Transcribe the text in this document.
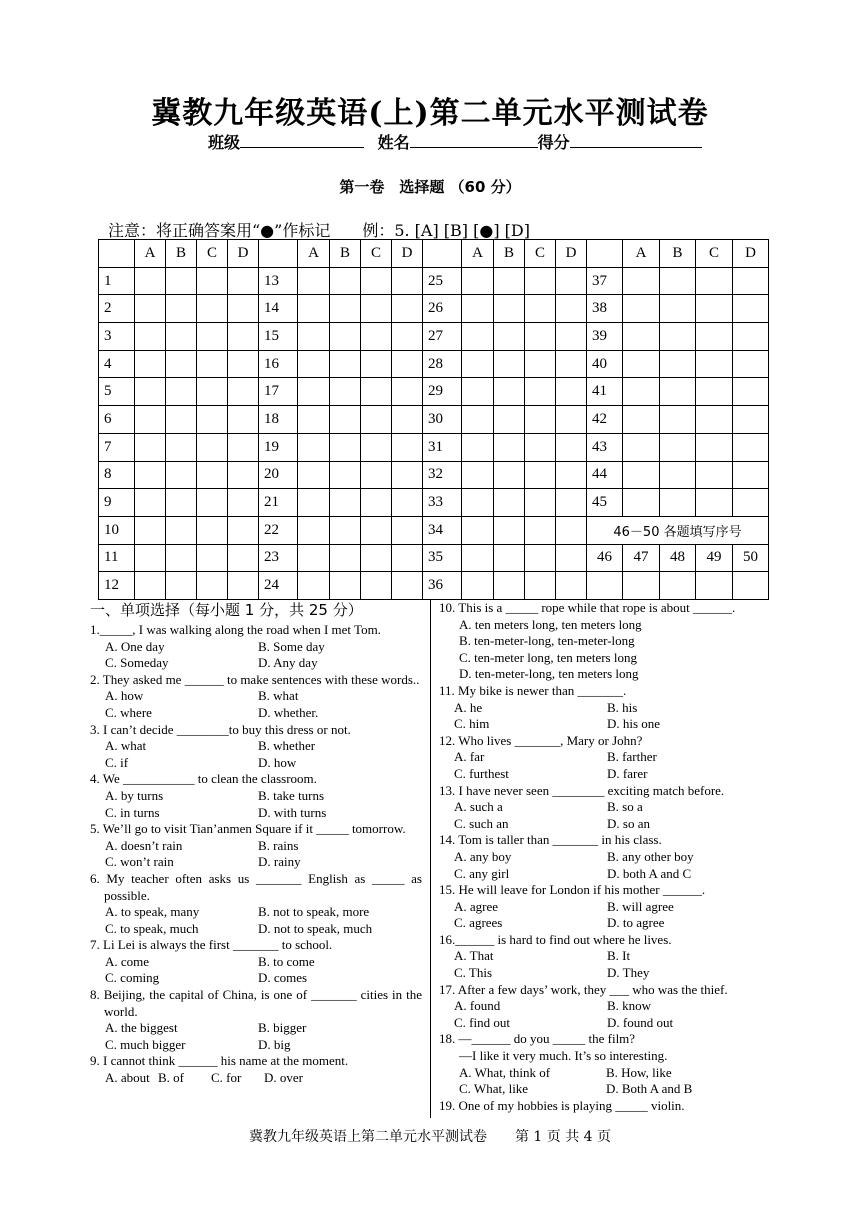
冀教九年级英语(上)第二单元水平测试卷
班级	姓名	得分
第一卷　选择题 （60 分）
注意：将正确答案用“●”作标记　　例：5. [A] [B] [●] [D]
	A	B	C	D		A	B	C	D		A	B	C	D		A	B	C	D
1					13					25					37				
2					14					26					38				
3					15					27					39				
4					16					28					40				
5					17					29					41				
6					18					30					42				
7					19					31					43				
8					20					32					44				
9					21					33					45				
10					22					34					46－50 各题填写序号				
11					23					35					46	47	48	49	50
12					24					36									
一、单项选择（每小题 1 分，共 25 分）
1._____, I was walking along the road when I met Tom.
A. One day	B. Some day
C. Someday	D. Any day
2. They asked me ______ to make sentences with these words..
A. how	B. what
C. where	D. whether.
3. I can’t decide ________to buy this dress or not.
A. what	B. whether
C. if	D. how
4. We ___________ to clean the classroom.
A. by turns	B. take turns
C. in turns	D. with turns
5. We’ll go to visit Tian’anmen Square if it _____ tomorrow.
A. doesn’t rain	B. rains
C. won’t rain	D. rainy
6. My teacher often asks us _______ English as _____ as possible.
A. to speak, many	B. not to speak, more
C. to speak, much	D. not to speak, much
7. Li Lei is always the first _______ to school.
A. come	B. to come
C. coming	D. comes
8. Beijing, the capital of China, is one of _______ cities in the world.
A. the biggest	B. bigger
C. much bigger	D. big
9. I cannot think ______ his name at the moment.
A. about B. of	C. for	D. over
10. This is a _____ rope while that rope is about ______.
A. ten meters long, ten meters long
B. ten-meter-long, ten-meter-long
C. ten-meter long, ten meters long
D. ten-meter-long, ten meters long
11. My bike is newer than _______.
A. he	B. his
C. him	D. his one
12. Who lives _______, Mary or John?
A. far	B. farther
C. furthest	D. farer
13. I have never seen ________ exciting match before.
A. such a	B. so a
C. such an	D. so an
14. Tom is taller than _______ in his class.
A. any boy	B. any other boy
C. any girl	D. both A and C
15. He will leave for London if his mother ______.
A. agree	B. will agree
C. agrees	D. to agree
16.______ is hard to find out where he lives.
A. That	B. It
C. This	D. They
17. After a few days’ work, they ___ who was the thief.
A. found	B. know
C. find out	D. found out
18. —______ do you _____ the film?
—I like it very much. It’s so interesting.
A. What, think of	B. How, like
C. What, like	D. Both A and B
19. One of my hobbies is playing _____ violin.
冀教九年级英语上第二单元水平测试卷　　第 1 页 共 4 页
